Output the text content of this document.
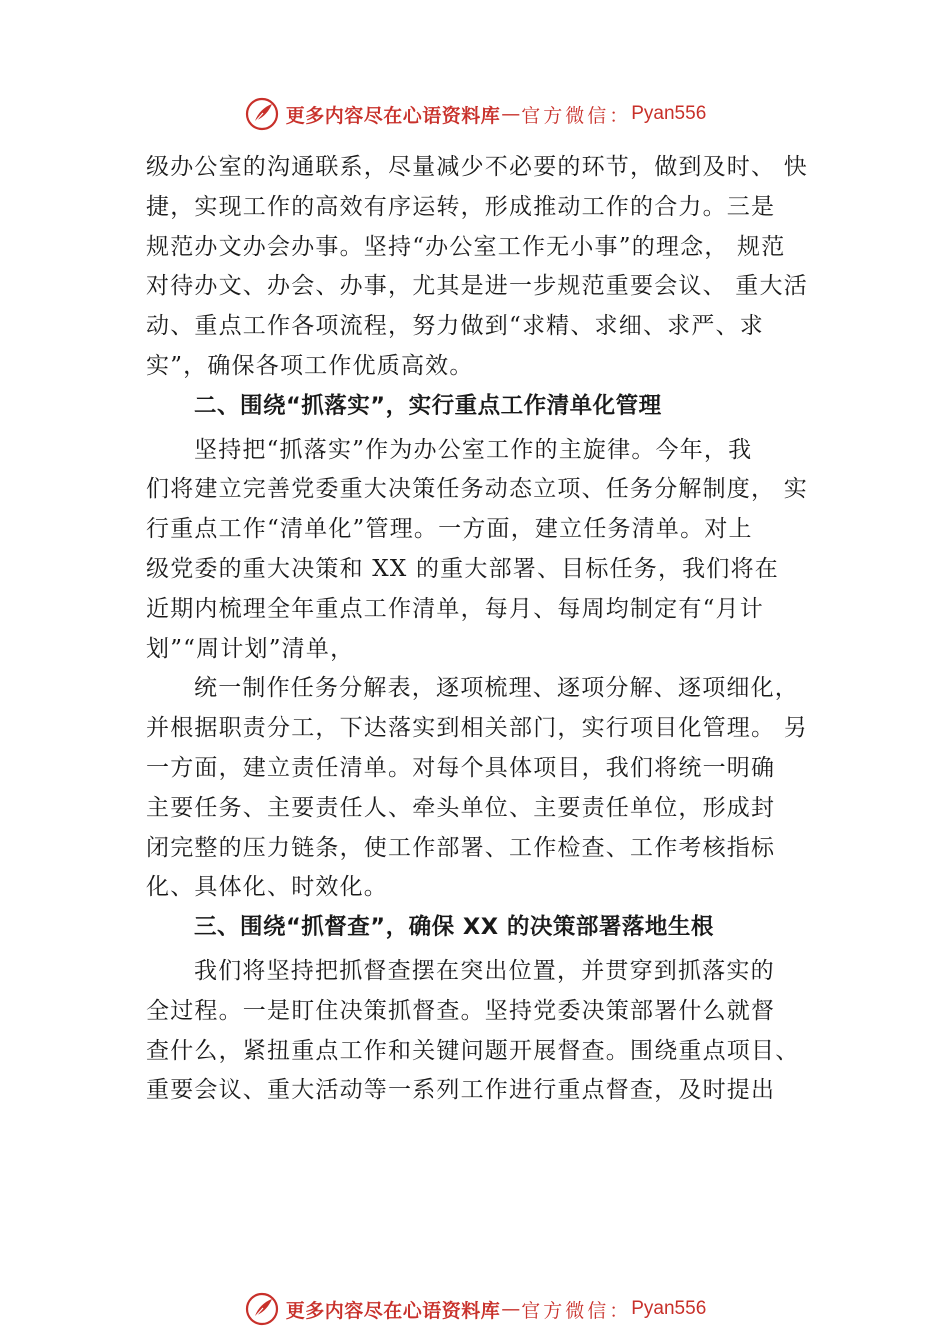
更多内容尽在心语资料库 — 官方微信： Pyan556
级办公室的沟通联系，尽量减少不必要的环节，做到及时、 快
捷，实现工作的高效有序运转，形成推动工作的合力。三是
规范办文办会办事。坚持“办公室工作无小事”的理念， 规范
对待办文、办会、办事，尤其是进一步规范重要会议、 重大活
动、重点工作各项流程，努力做到“求精、求细、求严、求
实”，确保各项工作优质高效。
二、围绕“抓落实”，实行重点工作清单化管理
坚持把“抓落实”作为办公室工作的主旋律。今年，我
们将建立完善党委重大决策任务动态立项、任务分解制度， 实
行重点工作“清单化”管理。一方面，建立任务清单。对上
级党委的重大决策和 XX 的重大部署、目标任务，我们将在
近期内梳理全年重点工作清单，每月、每周均制定有“月计
划”“周计划”清单，
统一制作任务分解表，逐项梳理、逐项分解、逐项细化，
并根据职责分工，下达落实到相关部门，实行项目化管理。 另
一方面，建立责任清单。对每个具体项目，我们将统一明确
主要任务、主要责任人、牵头单位、主要责任单位，形成封
闭完整的压力链条，使工作部署、工作检查、工作考核指标
化、具体化、时效化。
三、围绕“抓督查”，确保 XX 的决策部署落地生根
我们将坚持把抓督查摆在突出位置，并贯穿到抓落实的
全过程。一是盯住决策抓督查。坚持党委决策部署什么就督
查什么，紧扭重点工作和关键问题开展督查。围绕重点项目、
重要会议、重大活动等一系列工作进行重点督查，及时提出
更多内容尽在心语资料库 — 官方微信： Pyan556
